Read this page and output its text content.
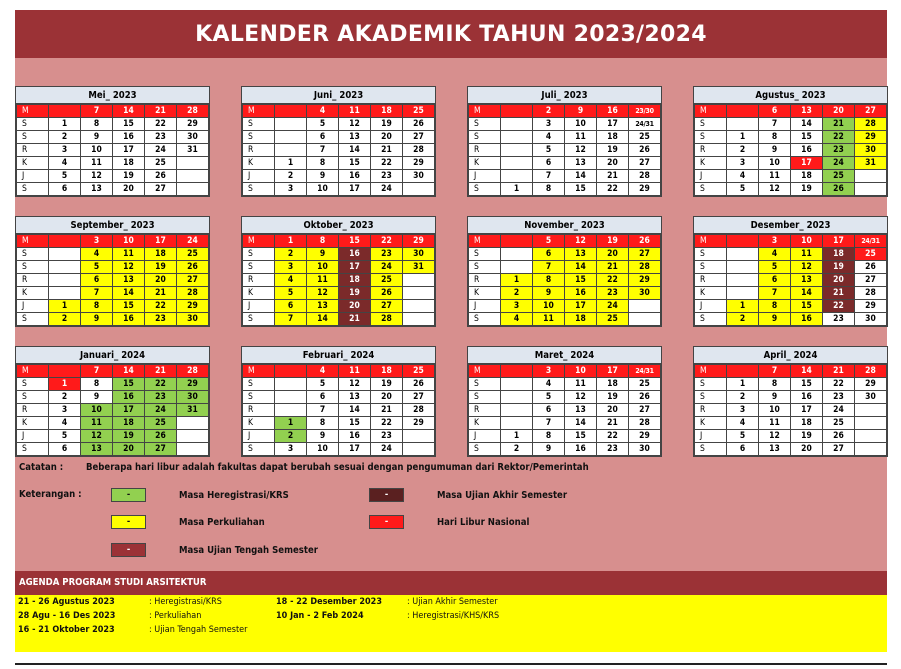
KALENDER AKADEMIK TAHUN 2023/2024
Mei_ 2023
M		7	14	21	28
S	1	8	15	22	29
S	2	9	16	23	30
R	3	10	17	24	31
K	4	11	18	25	
J	5	12	19	26	
S	6	13	20	27	
Juni_ 2023
M		4	11	18	25
S		5	12	19	26
S		6	13	20	27
R		7	14	21	28
K	1	8	15	22	29
J	2	9	16	23	30
S	3	10	17	24	
Juli_ 2023
M		2	9	16	23/30
S		3	10	17	24/31
S		4	11	18	25
R		5	12	19	26
K		6	13	20	27
J		7	14	21	28
S	1	8	15	22	29
Agustus_ 2023
M		6	13	20	27
S		7	14	21	28
S	1	8	15	22	29
R	2	9	16	23	30
K	3	10	17	24	31
J	4	11	18	25	
S	5	12	19	26	
September_ 2023
M		3	10	17	24
S		4	11	18	25
S		5	12	19	26
R		6	13	20	27
K		7	14	21	28
J	1	8	15	22	29
S	2	9	16	23	30
Oktober_ 2023
M	1	8	15	22	29
S	2	9	16	23	30
S	3	10	17	24	31
R	4	11	18	25	
K	5	12	19	26	
J	6	13	20	27	
S	7	14	21	28	
November_ 2023
M		5	12	19	26
S		6	13	20	27
S		7	14	21	28
R	1	8	15	22	29
K	2	9	16	23	30
J	3	10	17	24	
S	4	11	18	25	
Desember_ 2023
M		3	10	17	24/31
S		4	11	18	25
S		5	12	19	26
R		6	13	20	27
K		7	14	21	28
J	1	8	15	22	29
S	2	9	16	23	30
Januari_ 2024
M		7	14	21	28
S	1	8	15	22	29
S	2	9	16	23	30
R	3	10	17	24	31
K	4	11	18	25	
J	5	12	19	26	
S	6	13	20	27	
Februari_ 2024
M		4	11	18	25
S		5	12	19	26
S		6	13	20	27
R		7	14	21	28
K	1	8	15	22	29
J	2	9	16	23	
S	3	10	17	24	
Maret_ 2024
M		3	10	17	24/31
S		4	11	18	25
S		5	12	19	26
R		6	13	20	27
K		7	14	21	28
J	1	8	15	22	29
S	2	9	16	23	30
April_ 2024
M		7	14	21	28
S	1	8	15	22	29
S	2	9	16	23	30
R	3	10	17	24	
K	4	11	18	25	
J	5	12	19	26	
S	6	13	20	27	
Catatan : Beberapa hari libur adalah fakultas dapat berubah sesuai dengan pengumuman dari Rektor/Pemerintah
Keterangan :	-	Masa Heregistrasi/KRS
-	Masa Perkuliahan
-	Masa Ujian Tengah Semester
-	Masa Ujian Akhir Semester
-	Hari Libur Nasional
AGENDA PROGRAM STUDI ARSITEKTUR
21 - 26 Agustus 2023	: Heregistrasi/KRS
28 Agu - 16 Des 2023	: Perkuliahan
16 - 21 Oktober 2023	: Ujian Tengah Semester
18 - 22 Desember 2023	: Ujian Akhir Semester
10 Jan - 2 Feb 2024	: Heregistrasi/KHS/KRS
